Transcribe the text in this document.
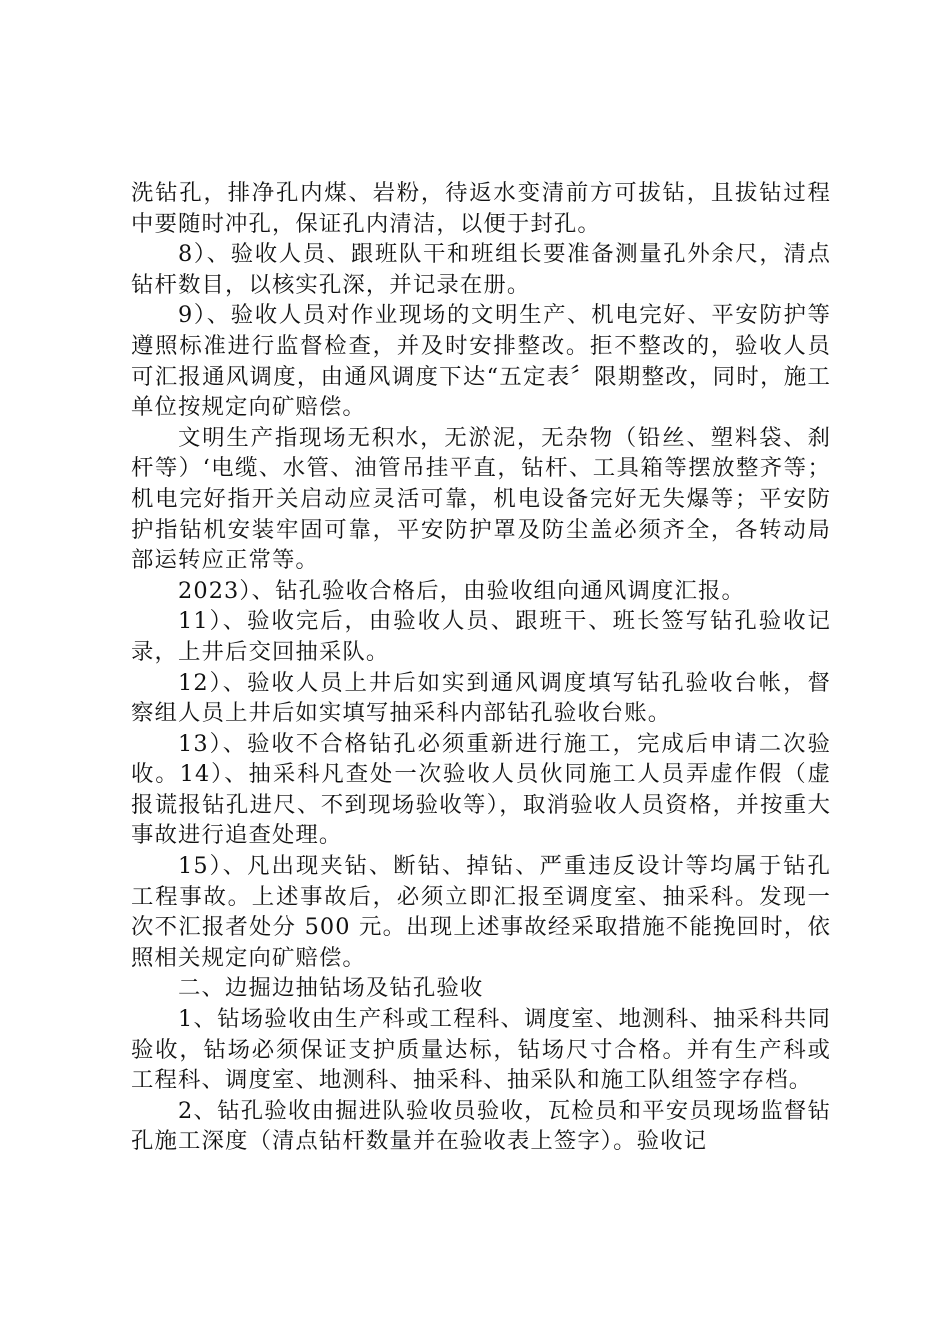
洗钻孔，排净孔内煤、岩粉，待返水变清前方可拔钻，且拔钻过程中要随时冲孔，保证孔内清洁，以便于封孔。

8）、验收人员、跟班队干和班组长要准备测量孔外余尺，清点钻杆数目，以核实孔深，并记录在册。

9）、验收人员对作业现场的文明生产、机电完好、平安防护等遵照标准进行监督检查，并及时安排整改。拒不整改的，验收人员可汇报通风调度，由通风调度下达“五定表〞限期整改，同时，施工单位按规定向矿赔偿。

文明生产指现场无积水，无淤泥，无杂物（铅丝、塑料袋、刹杆等）‘电缆、水管、油管吊挂平直，钻杆、工具箱等摆放整齐等；机电完好指开关启动应灵活可靠，机电设备完好无失爆等；平安防护指钻机安装牢固可靠，平安防护罩及防尘盖必须齐全，各转动局部运转应正常等。

2023）、钻孔验收合格后，由验收组向通风调度汇报。

11）、验收完后，由验收人员、跟班干、班长签写钻孔验收记录，上井后交回抽采队。

12）、验收人员上井后如实到通风调度填写钻孔验收台帐，督察组人员上井后如实填写抽采科内部钻孔验收台账。

13）、验收不合格钻孔必须重新进行施工，完成后申请二次验收。14）、抽采科凡查处一次验收人员伙同施工人员弄虚作假（虚报谎报钻孔进尺、不到现场验收等），取消验收人员资格，并按重大事故进行追查处理。

15）、凡出现夹钻、断钻、掉钻、严重违反设计等均属于钻孔工程事故。上述事故后，必须立即汇报至调度室、抽采科。发现一次不汇报者处分 500 元。出现上述事故经采取措施不能挽回时，依照相关规定向矿赔偿。

二、边掘边抽钻场及钻孔验收

1、钻场验收由生产科或工程科、调度室、地测科、抽采科共同验收，钻场必须保证支护质量达标，钻场尺寸合格。并有生产科或工程科、调度室、地测科、抽采科、抽采队和施工队组签字存档。

2、钻孔验收由掘进队验收员验收，瓦检员和平安员现场监督钻孔施工深度（清点钻杆数量并在验收表上签字）。验收记
